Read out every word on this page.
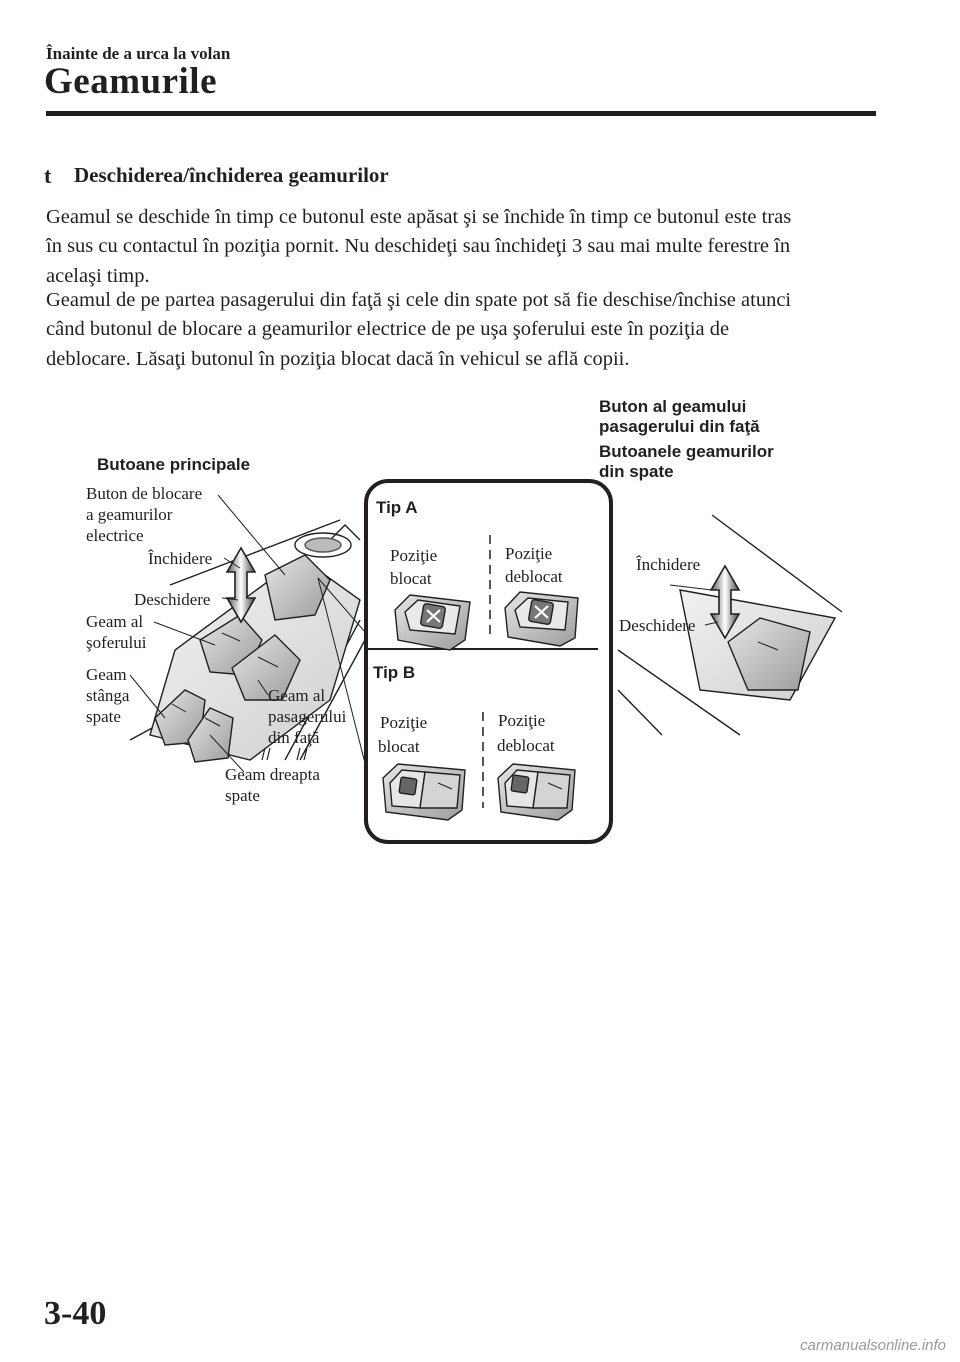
Înainte de a urca la volan
Geamurile
t Deschiderea/închiderea geamurilor
Geamul se deschide în timp ce butonul este apăsat şi se închide în timp ce butonul este tras
în sus cu contactul în poziţia pornit. Nu deschideţi sau închideţi 3 sau mai multe ferestre în
acelaşi timp.
Geamul de pe partea pasagerului din faţă şi cele din spate pot să fie deschise/închise atunci
când butonul de blocare a geamurilor electrice de pe uşa şoferului este în poziţia de
deblocare. Lăsaţi butonul în poziţia blocat dacă în vehicul se află copii.
Butoane principale
Buton de blocare
a geamurilor
electrice
Închidere
Deschidere
Geam al
şoferului
Geam
stânga
spate
Geam al
pasagerului
din faţă
Geam dreapta
spate
Tip A
Tip B
Poziţie
blocat
Poziţie
deblocat
Poziţie
blocat
Poziţie
deblocat
Buton al geamului
pasagerului din faţă
Butoanele geamurilor
din spate
Închidere
Deschidere
3-40
carmanualsonline.info
